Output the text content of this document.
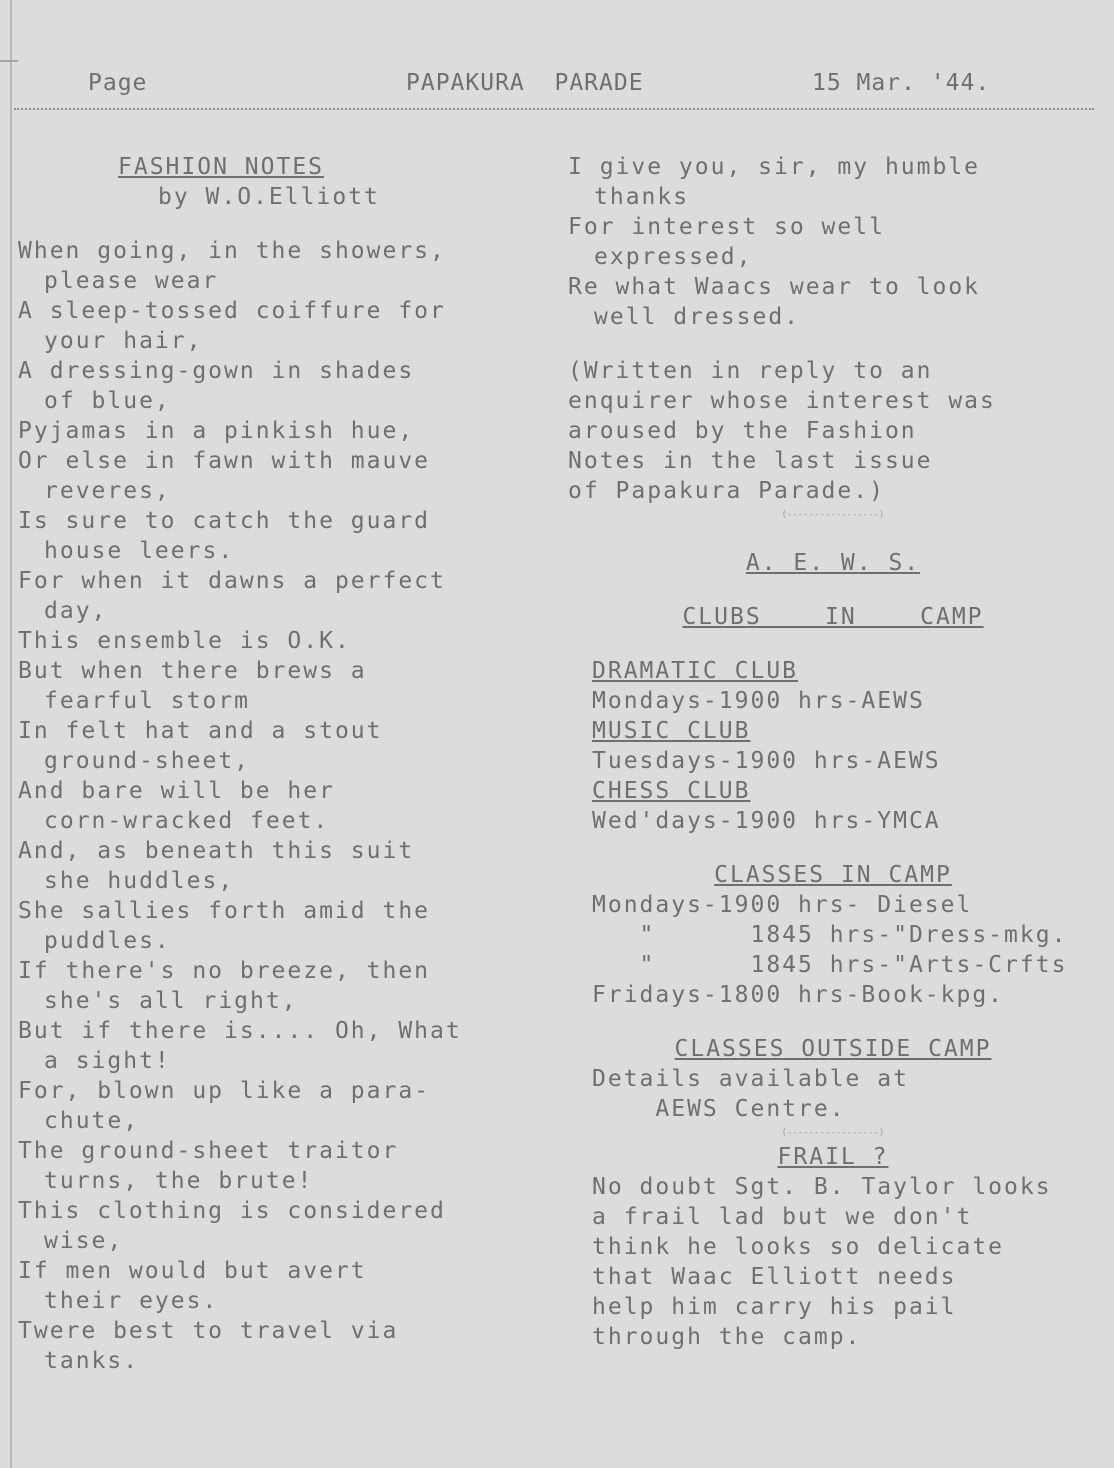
Page	PAPAKURA  PARADE	15 Mar. '44.
FASHION NOTES
by W.O.Elliott
When going, in the showers,
please wear
A sleep-tossed coiffure for
your hair,
A dressing-gown in shades
of blue,
Pyjamas in a pinkish hue,
Or else in fawn with mauve
reveres,
Is sure to catch the guard
house leers.
For when it dawns a perfect
day,
This ensemble is O.K.
But when there brews a
fearful storm
In felt hat and a stout
ground-sheet,
And bare will be her
corn-wracked feet.
And, as beneath this suit
she huddles,
She sallies forth amid the
puddles.
If there's no breeze, then
she's all right,
But if there is.... Oh, What
a sight!
For, blown up like a para-
chute,
The ground-sheet traitor
turns, the brute!
This clothing is considered
wise,
If men would but avert
their eyes.
Twere best to travel via
tanks.
I give you, sir, my humble
thanks
For interest so well
expressed,
Re what Waacs wear to look
well dressed.
(Written in reply to an
enquirer whose interest was
aroused by the Fashion
Notes in the last issue
of Papakura Parade.)
(-----------------)
A. E. W. S.
CLUBS    IN    CAMP
DRAMATIC CLUB
Mondays-1900 hrs-AEWS
MUSIC CLUB
Tuesdays-1900 hrs-AEWS
CHESS CLUB
Wed'days-1900 hrs-YMCA
CLASSES IN CAMP
Mondays-1900 hrs- Diesel
"      1845 hrs-"Dress-mkg.
"      1845 hrs-"Arts-Crfts
Fridays-1800 hrs-Book-kpg.
CLASSES OUTSIDE CAMP
Details available at
AEWS Centre.
(-----------------)
FRAIL ?
No doubt Sgt. B. Taylor looks
a frail lad but we don't
think he looks so delicate
that Waac Elliott needs
help him carry his pail
through the camp.
